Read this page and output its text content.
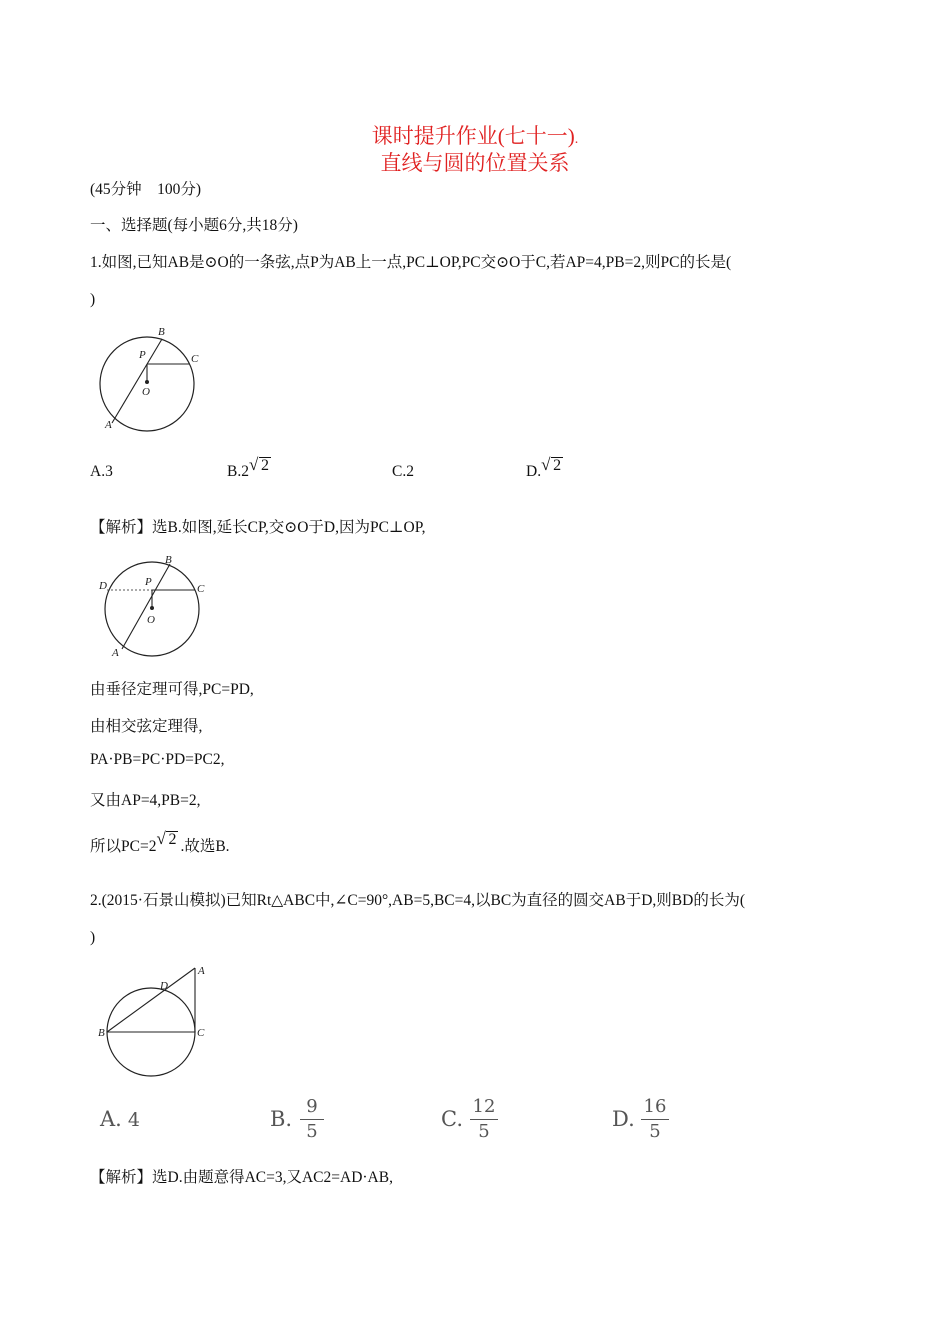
课时提升作业(七十一).
直线与圆的位置关系
(45分钟　100分)
一、选择题(每小题6分,共18分)
1.如图,已知AB是⊙O的一条弦,点P为AB上一点,PC⊥OP,PC交⊙O于C,若AP=4,PB=2,则PC的长是(
)
B
P	C
O
A
A.3	B.2 √ 2	C.2	D. √ 2
【解析】选B.如图,延长CP,交⊙O于D,因为PC⊥OP,
D
B
P
C
O
A
由垂径定理可得,PC=PD,
由相交弦定理得,
PA·PB=PC·PD=PC2,
又由AP=4,PB=2,
所以PC=2 √ 2 .故选B.
2.(2015·石景山模拟)已知Rt△ABC中,∠C=90°,AB=5,BC=4,以BC为直径的圆交AB于D,则BD的长为(
)
A
D
B	C
A. 4	B.
9
5
C.
12
5
D.
16
5
【解析】选D.由题意得AC=3,又AC2=AD·AB,
